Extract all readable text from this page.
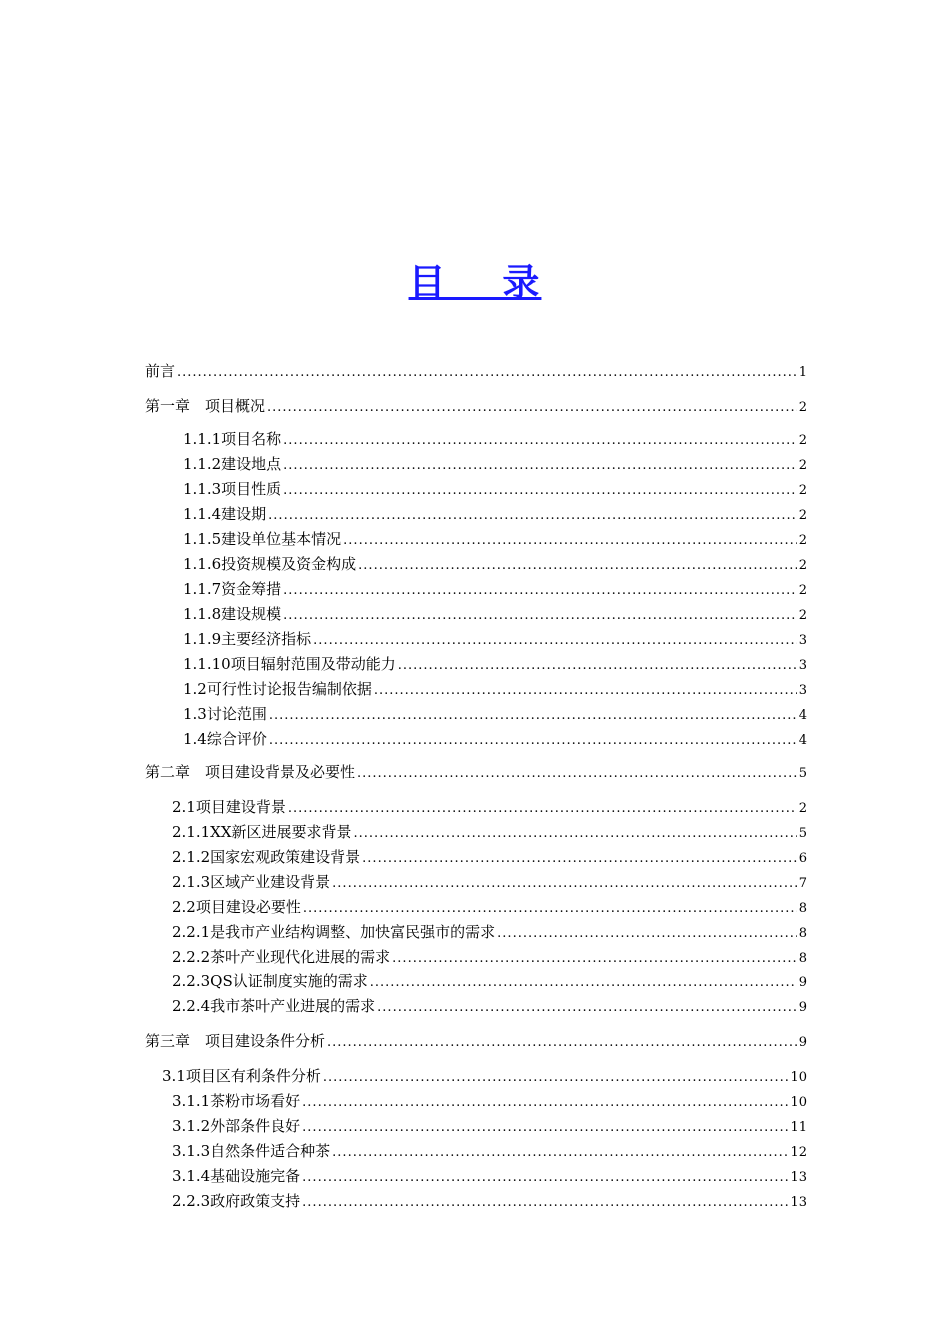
目 录
前言 .....	1
第一章　项目概况 .....	2
1.1.1项目名称 .....	2
1.1.2建设地点 .....	2
1.1.3项目性质 .....	2
1.1.4建设期 .....	2
1.1.5建设单位基本情况 .....	2
1.1.6投资规模及资金构成 .....	2
1.1.7资金筹措 .....	2
1.1.8建设规模 .....	2
1.1.9主要经济指标 .....	3
1.1.10项目辐射范围及带动能力 .....	3
1.2可行性讨论报告编制依据 .....	3
1.3讨论范围 .....	4
1.4综合评价 .....	4
第二章　项目建设背景及必要性 .....	5
2.1项目建设背景 .....	2
2.1.1XX新区进展要求背景 .....	5
2.1.2国家宏观政策建设背景 .....	6
2.1.3区域产业建设背景 .....	7
2.2项目建设必要性 .....	8
2.2.1是我市产业结构调整、加快富民强市的需求 .....	8
2.2.2茶叶产业现代化进展的需求 .....	8
2.2.3QS认证制度实施的需求 .....	9
2.2.4我市茶叶产业进展的需求 .....	9
第三章　项目建设条件分析 .....	9
3.1项目区有利条件分析 .....	10
3.1.1茶粉市场看好 .....	10
3.1.2外部条件良好 .....	11
3.1.3自然条件适合种茶 .....	12
3.1.4基础设施完备 .....	13
2.2.3政府政策支持 .....	13
